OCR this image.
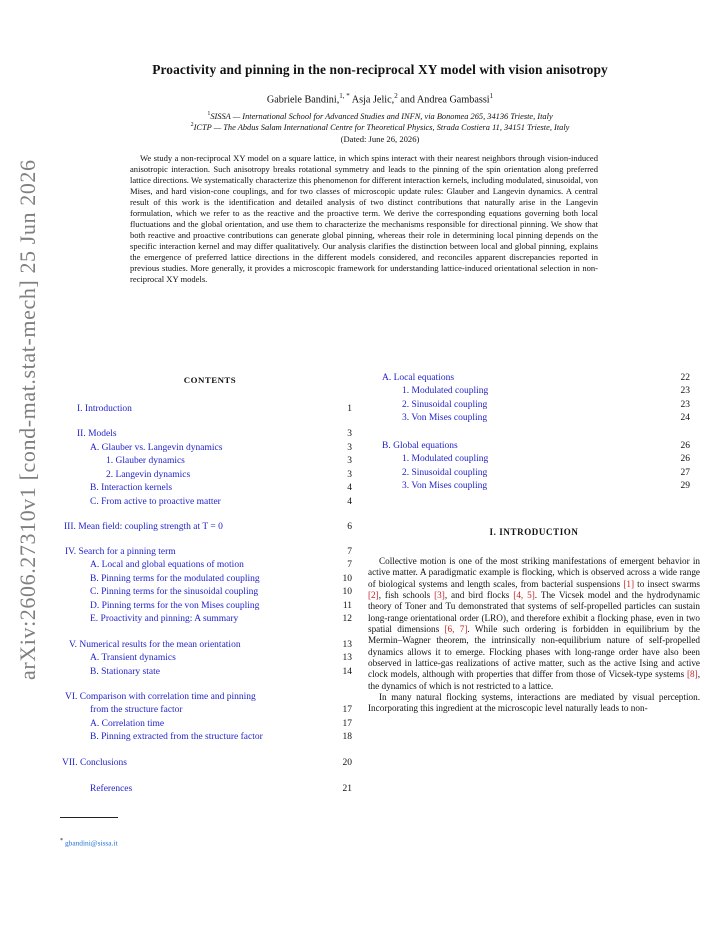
arXiv:2606.27310v1 [cond-mat.stat-mech] 25 Jun 2026
Proactivity and pinning in the non-reciprocal XY model with vision anisotropy
Gabriele Bandini,$^{1, *}$ Asja Jelic,$^2$ and Andrea Gambassi$^1$
$^1$SISSA — International School for Advanced Studies and INFN, via Bonomea 265, 34136 Trieste, Italy
$^2$ICTP — The Abdus Salam International Centre for Theoretical Physics, Strada Costiera 11, 34151 Trieste, Italy
(Dated: June 26, 2026)

We study a non-reciprocal XY model on a square lattice, in which spins interact with their nearest neighbors through vision-induced anisotropic interaction. Such anisotropy breaks rotational symmetry and leads to the pinning of the spin orientation along preferred lattice directions. We systematically characterize this phenomenon for different interaction kernels, including modulated, sinusoidal, von Mises, and hard vision-cone couplings, and for two classes of microscopic update rules: Glauber and Langevin dynamics. A central result of this work is the identification and detailed analysis of two distinct contributions that naturally arise in the Langevin formulation, which we refer to as the reactive and the proactive term. We derive the corresponding equations governing both local fluctuations and the global orientation, and use them to characterize the mechanisms responsible for directional pinning. We show that both reactive and proactive contributions can generate global pinning, whereas their role in determining local pinning depends on the specific interaction kernel and may differ qualitatively. Our analysis clarifies the distinction between local and global pinning, explains the emergence of preferred lattice directions in the different models considered, and reconciles apparent discrepancies reported in previous studies. More generally, it provides a microscopic framework for understanding lattice-induced orientational selection in non-reciprocal XY models.

CONTENTS
I. Introduction	1
II. Models	3
A. Glauber vs. Langevin dynamics	3
1. Glauber dynamics	3
2. Langevin dynamics	3
B. Interaction kernels	4
C. From active to proactive matter	4
III. Mean field: coupling strength at T = 0	6
IV. Search for a pinning term	7
A. Local and global equations of motion	7
B. Pinning terms for the modulated coupling	10
C. Pinning terms for the sinusoidal coupling	10
D. Pinning terms for the von Mises coupling	11
E. Proactivity and pinning: A summary	12
V. Numerical results for the mean orientation	13
A. Transient dynamics	13
B. Stationary state	14
VI. Comparison with correlation time and pinning
from the structure factor	17
A. Correlation time	17
B. Pinning extracted from the structure factor	18
VII. Conclusions	20
References	21
A. Local equations	22
1. Modulated coupling	23
2. Sinusoidal coupling	23
3. Von Mises coupling	24
B. Global equations	26
1. Modulated coupling	26
2. Sinusoidal coupling	27
3. Von Mises coupling	29
I. INTRODUCTION

Collective motion is one of the most striking manifestations of emergent behavior in active matter. A paradigmatic example is flocking, which is observed across a wide range of biological systems and length scales, from bacterial suspensions [1] to insect swarms [2], fish schools [3], and bird flocks [4, 5]. The Vicsek model and the hydrodynamic theory of Toner and Tu demonstrated that systems of self-propelled particles can sustain long-range orientational order (LRO), and therefore exhibit a flocking phase, even in two spatial dimensions [6, 7]. While such ordering is forbidden in equilibrium by the Mermin–Wagner theorem, the intrinsically non-equilibrium nature of self-propelled dynamics allows it to emerge. Flocking phases with long-range order have also been observed in lattice-gas realizations of active matter, such as the active Ising and active clock models, although with properties that differ from those of Vicsek-type systems [8], the dynamics of which is not restricted to a lattice.

In many natural flocking systems, interactions are mediated by visual perception. Incorporating this ingredient at the microscopic level naturally leads to non-

* gbandini@sissa.it
